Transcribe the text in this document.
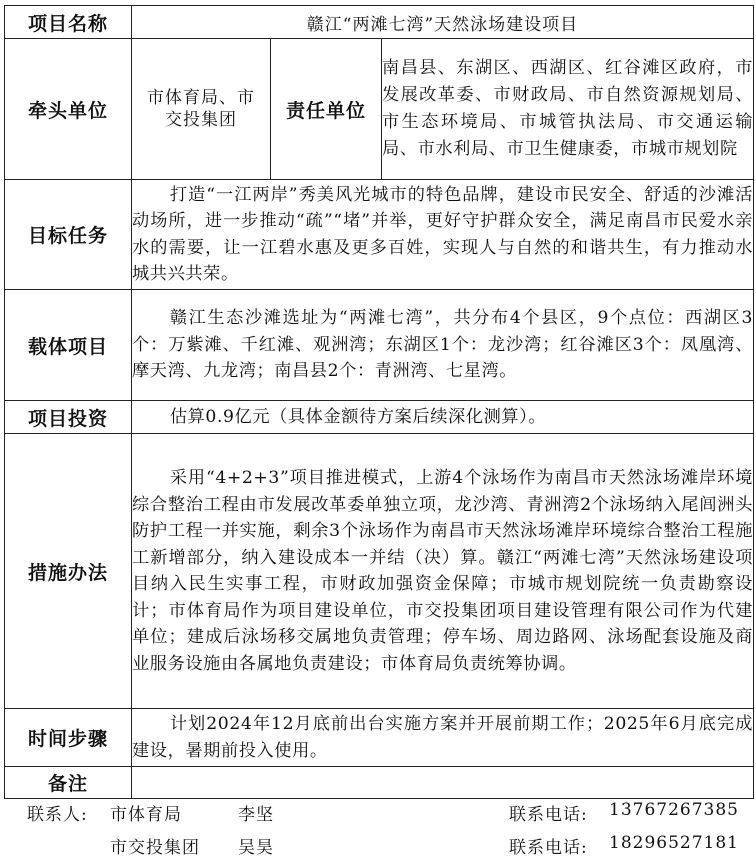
项目名称	赣江“两滩七湾”天然泳场建设项目		
牵头单位	市体育局、市交投集团	责任单位	南昌县、东湖区、西湖区、红谷滩区政府，市发展改革委、市财政局、市自然资源规划局、市生态环境局、市城管执法局、市交通运输局、市水利局、市卫生健康委，市城市规划院
目标任务	打造“一江两岸”秀美风光城市的特色品牌，建设市民安全、舒适的沙滩活动场所，进一步推动“疏”“堵”并举，更好守护群众安全，满足南昌市民爱水亲水的需要，让一江碧水惠及更多百姓，实现人与自然的和谐共生，有力推动水城共兴共荣。		
载体项目	赣江生态沙滩选址为“两滩七湾”，共分布4个县区，9个点位：西湖区3个：万紫滩、千红滩、观洲湾；东湖区1个：龙沙湾；红谷滩区3个：凤凰湾、摩天湾、九龙湾；南昌县2个：青洲湾、七星湾。		
项目投资	估算0.9亿元（具体金额待方案后续深化测算）。		
措施办法	采用“4+2+3”项目推进模式，上游4个泳场作为南昌市天然泳场滩岸环境综合整治工程由市发展改革委单独立项，龙沙湾、青洲湾2个泳场纳入尾闾洲头防护工程一并实施，剩余3个泳场作为南昌市天然泳场滩岸环境综合整治工程施工新增部分，纳入建设成本一并结（决）算。赣江“两滩七湾”天然泳场建设项目纳入民生实事工程，市财政加强资金保障；市城市规划院统一负责勘察设计；市体育局作为项目建设单位，市交投集团项目建设管理有限公司作为代建单位；建成后泳场移交属地负责管理；停车场、周边路网、泳场配套设施及商业服务设施由各属地负责建设；市体育局负责统筹协调。		
时间步骤	计划2024年12月底前出台实施方案并开展前期工作；2025年6月底完成建设，暑期前投入使用。		
备注			
联系人: 市体育局	李坚	联系电话: 13767267385
市交投集团 吴昊	联系电话: 18296527181
